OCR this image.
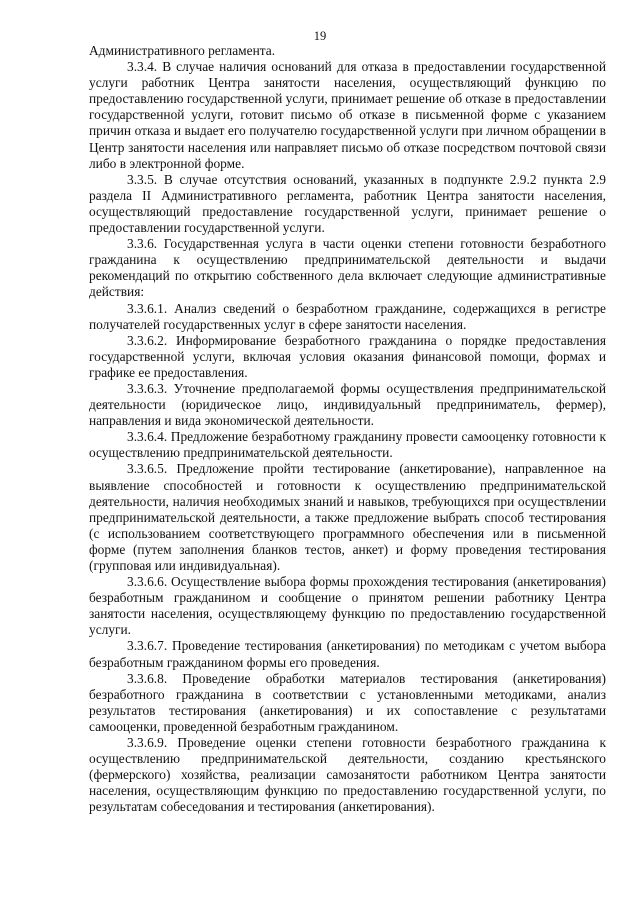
19

Административного регламента.

3.3.4. В случае наличия оснований для отказа в предоставлении государственной услуги работник Центра занятости населения, осуществляющий функцию по предоставлению государственной услуги, принимает решение об отказе в предоставлении государственной услуги, готовит письмо об отказе в письменной форме с указанием причин отказа и выдает его получателю государственной услуги при личном обращении в Центр занятости населения или направляет письмо об отказе посредством почтовой связи либо в электронной форме.

3.3.5. В случае отсутствия оснований, указанных в подпункте 2.9.2 пункта 2.9 раздела II Административного регламента, работник Центра занятости населения, осуществляющий предоставление государственной услуги, принимает решение о предоставлении государственной услуги.

3.3.6. Государственная услуга в части оценки степени готовности безработного гражданина к осуществлению предпринимательской деятельности и выдачи рекомендаций по открытию собственного дела включает следующие административные действия:

3.3.6.1. Анализ сведений о безработном гражданине, содержащихся в регистре получателей государственных услуг в сфере занятости населения.

3.3.6.2. Информирование безработного гражданина о порядке предоставления государственной услуги, включая условия оказания финансовой помощи, формах и графике ее предоставления.

3.3.6.3. Уточнение предполагаемой формы осуществления предпринимательской деятельности (юридическое лицо, индивидуальный предприниматель, фермер), направления и вида экономической деятельности.

3.3.6.4. Предложение безработному гражданину провести самооценку готовности к осуществлению предпринимательской деятельности.

3.3.6.5. Предложение пройти тестирование (анкетирование), направленное на выявление способностей и готовности к осуществлению предпринимательской деятельности, наличия необходимых знаний и навыков, требующихся при осуществлении предпринимательской деятельности, а также предложение выбрать способ тестирования (с использованием соответствующего программного обеспечения или в письменной форме (путем заполнения бланков тестов, анкет) и форму проведения тестирования (групповая или индивидуальная).

3.3.6.6. Осуществление выбора формы прохождения тестирования (анкетирования) безработным гражданином и сообщение о принятом решении работнику Центра занятости населения, осуществляющему функцию по предоставлению государственной услуги.

3.3.6.7. Проведение тестирования (анкетирования) по методикам с учетом выбора безработным гражданином формы его проведения.

3.3.6.8. Проведение обработки материалов тестирования (анкетирования) безработного гражданина в соответствии с установленными методиками, анализ результатов тестирования (анкетирования) и их сопоставление с результатами самооценки, проведенной безработным гражданином.

3.3.6.9. Проведение оценки степени готовности безработного гражданина к осуществлению предпринимательской деятельности, созданию крестьянского (фермерского) хозяйства, реализации самозанятости работником Центра занятости населения, осуществляющим функцию по предоставлению государственной услуги, по результатам собеседования и тестирования (анкетирования).
